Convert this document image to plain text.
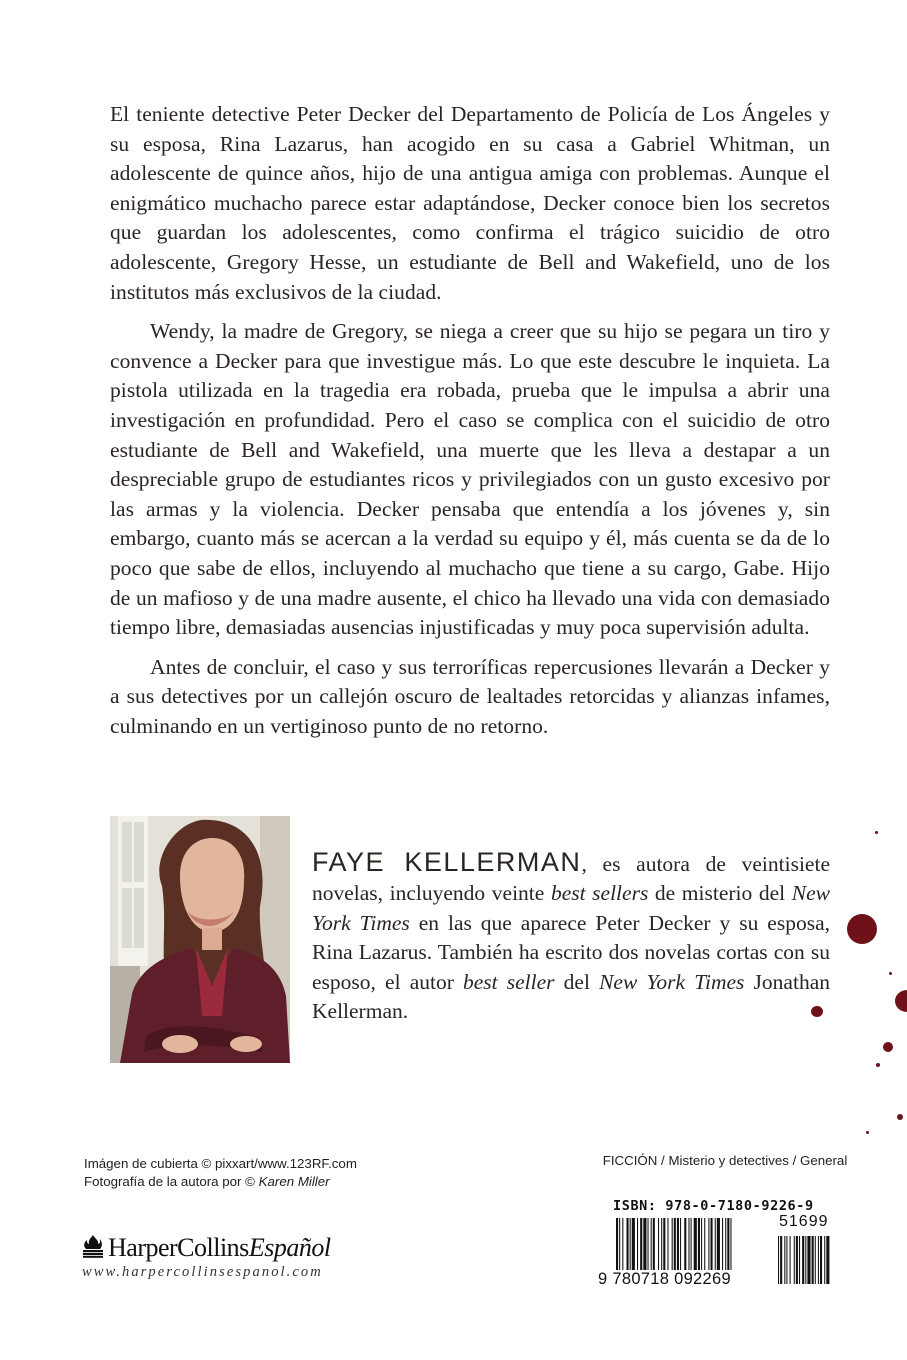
El teniente detective Peter Decker del Departamento de Policía de Los Ángeles y su esposa, Rina Lazarus, han acogido en su casa a Gabriel Whitman, un adolescente de quince años, hijo de una antigua amiga con problemas. Aunque el enigmático muchacho parece estar adaptándose, Decker conoce bien los secretos que guardan los adolescentes, como confirma el trágico suicidio de otro adolescente, Gregory Hesse, un estudiante de Bell and Wakefield, uno de los institutos más exclusivos de la ciudad.

Wendy, la madre de Gregory, se niega a creer que su hijo se pegara un tiro y convence a Decker para que investigue más. Lo que este descubre le inquieta. La pistola utilizada en la tragedia era robada, prueba que le impulsa a abrir una investigación en profundidad. Pero el caso se complica con el suicidio de otro estudiante de Bell and Wakefield, una muerte que les lleva a destapar a un despreciable grupo de estudiantes ricos y privilegiados con un gusto excesivo por las armas y la violencia. Decker pensaba que entendía a los jóvenes y, sin embargo, cuanto más se acercan a la verdad su equipo y él, más cuenta se da de lo poco que sabe de ellos, incluyendo al muchacho que tiene a su cargo, Gabe. Hijo de un mafioso y de una madre ausente, el chico ha llevado una vida con demasiado tiempo libre, demasiadas ausencias injustificadas y muy poca supervisión adulta.

Antes de concluir, el caso y sus terroríficas repercusiones llevarán a Decker y a sus detectives por un callejón oscuro de lealtades retorcidas y alianzas infames, culminando en un vertiginoso punto de no retorno.

FAYE KELLERMAN, es autora de veintisiete novelas, incluyendo veinte best sellers de misterio del New York Times en las que aparece Peter Decker y su esposa, Rina Lazarus. También ha escrito dos novelas cortas con su esposo, el autor best seller del New York Times Jonathan Kellerman.
Imágen de cubierta © pixxart/www.123RF.com
Fotografía de la autora por © Karen Miller
HarperCollinsEspañol
www.harpercollinsespanol.com
FICCIÓN / Misterio y detectives / General
ISBN: 978-0-7180-9226-9
51699
9 780718 092269
